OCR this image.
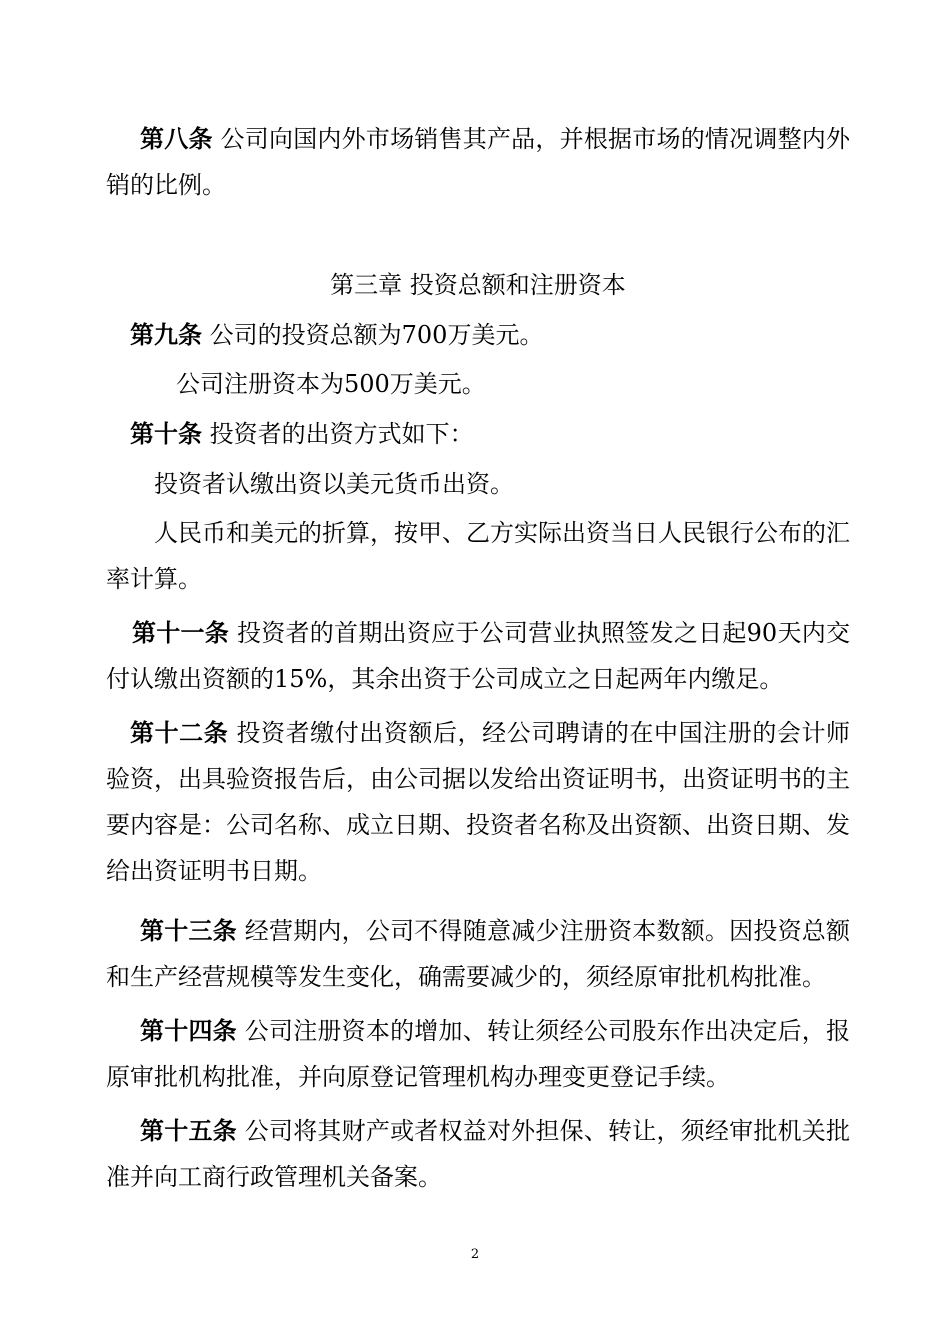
第八条 公司向国内外市场销售其产品，并根据市场的情况调整内外销的比例。

第三章 投资总额和注册资本

第九条 公司的投资总额为700万美元。

公司注册资本为500万美元。

第十条 投资者的出资方式如下：

投资者认缴出资以美元货币出资。

人民币和美元的折算，按甲、乙方实际出资当日人民银行公布的汇率计算。

第十一条 投资者的首期出资应于公司营业执照签发之日起90天内交付认缴出资额的15%，其余出资于公司成立之日起两年内缴足。

第十二条 投资者缴付出资额后，经公司聘请的在中国注册的会计师验资，出具验资报告后，由公司据以发给出资证明书，出资证明书的主要内容是：公司名称、成立日期、投资者名称及出资额、出资日期、发给出资证明书日期。

第十三条 经营期内，公司不得随意减少注册资本数额。因投资总额和生产经营规模等发生变化，确需要减少的，须经原审批机构批准。

第十四条 公司注册资本的增加、转让须经公司股东作出决定后，报原审批机构批准，并向原登记管理机构办理变更登记手续。

第十五条 公司将其财产或者权益对外担保、转让，须经审批机关批准并向工商行政管理机关备案。

2
